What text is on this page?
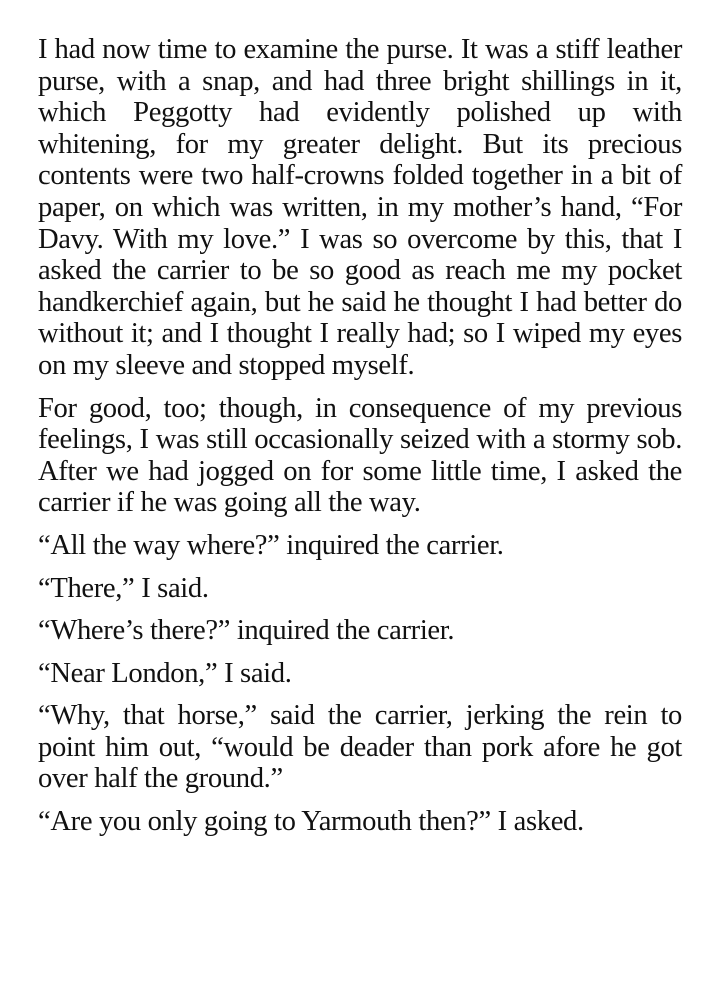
I had now time to examine the purse. It was a stiff leather purse, with a snap, and had three bright shillings in it, which Peggotty had evidently polished up with whitening, for my greater delight. But its precious contents were two half-crowns folded together in a bit of paper, on which was written, in my mother’s hand, “For Davy. With my love.” I was so overcome by this, that I asked the carrier to be so good as reach me my pocket handkerchief again, but he said he thought I had better do without it; and I thought I really had; so I wiped my eyes on my sleeve and stopped myself.

For good, too; though, in consequence of my previous feelings, I was still occasionally seized with a stormy sob. After we had jogged on for some little time, I asked the carrier if he was going all the way.

“All the way where?” inquired the carrier.

“There,” I said.

“Where’s there?” inquired the carrier.

“Near London,” I said.

“Why, that horse,” said the carrier, jerking the rein to point him out, “would be deader than pork afore he got over half the ground.”

“Are you only going to Yarmouth then?” I asked.
